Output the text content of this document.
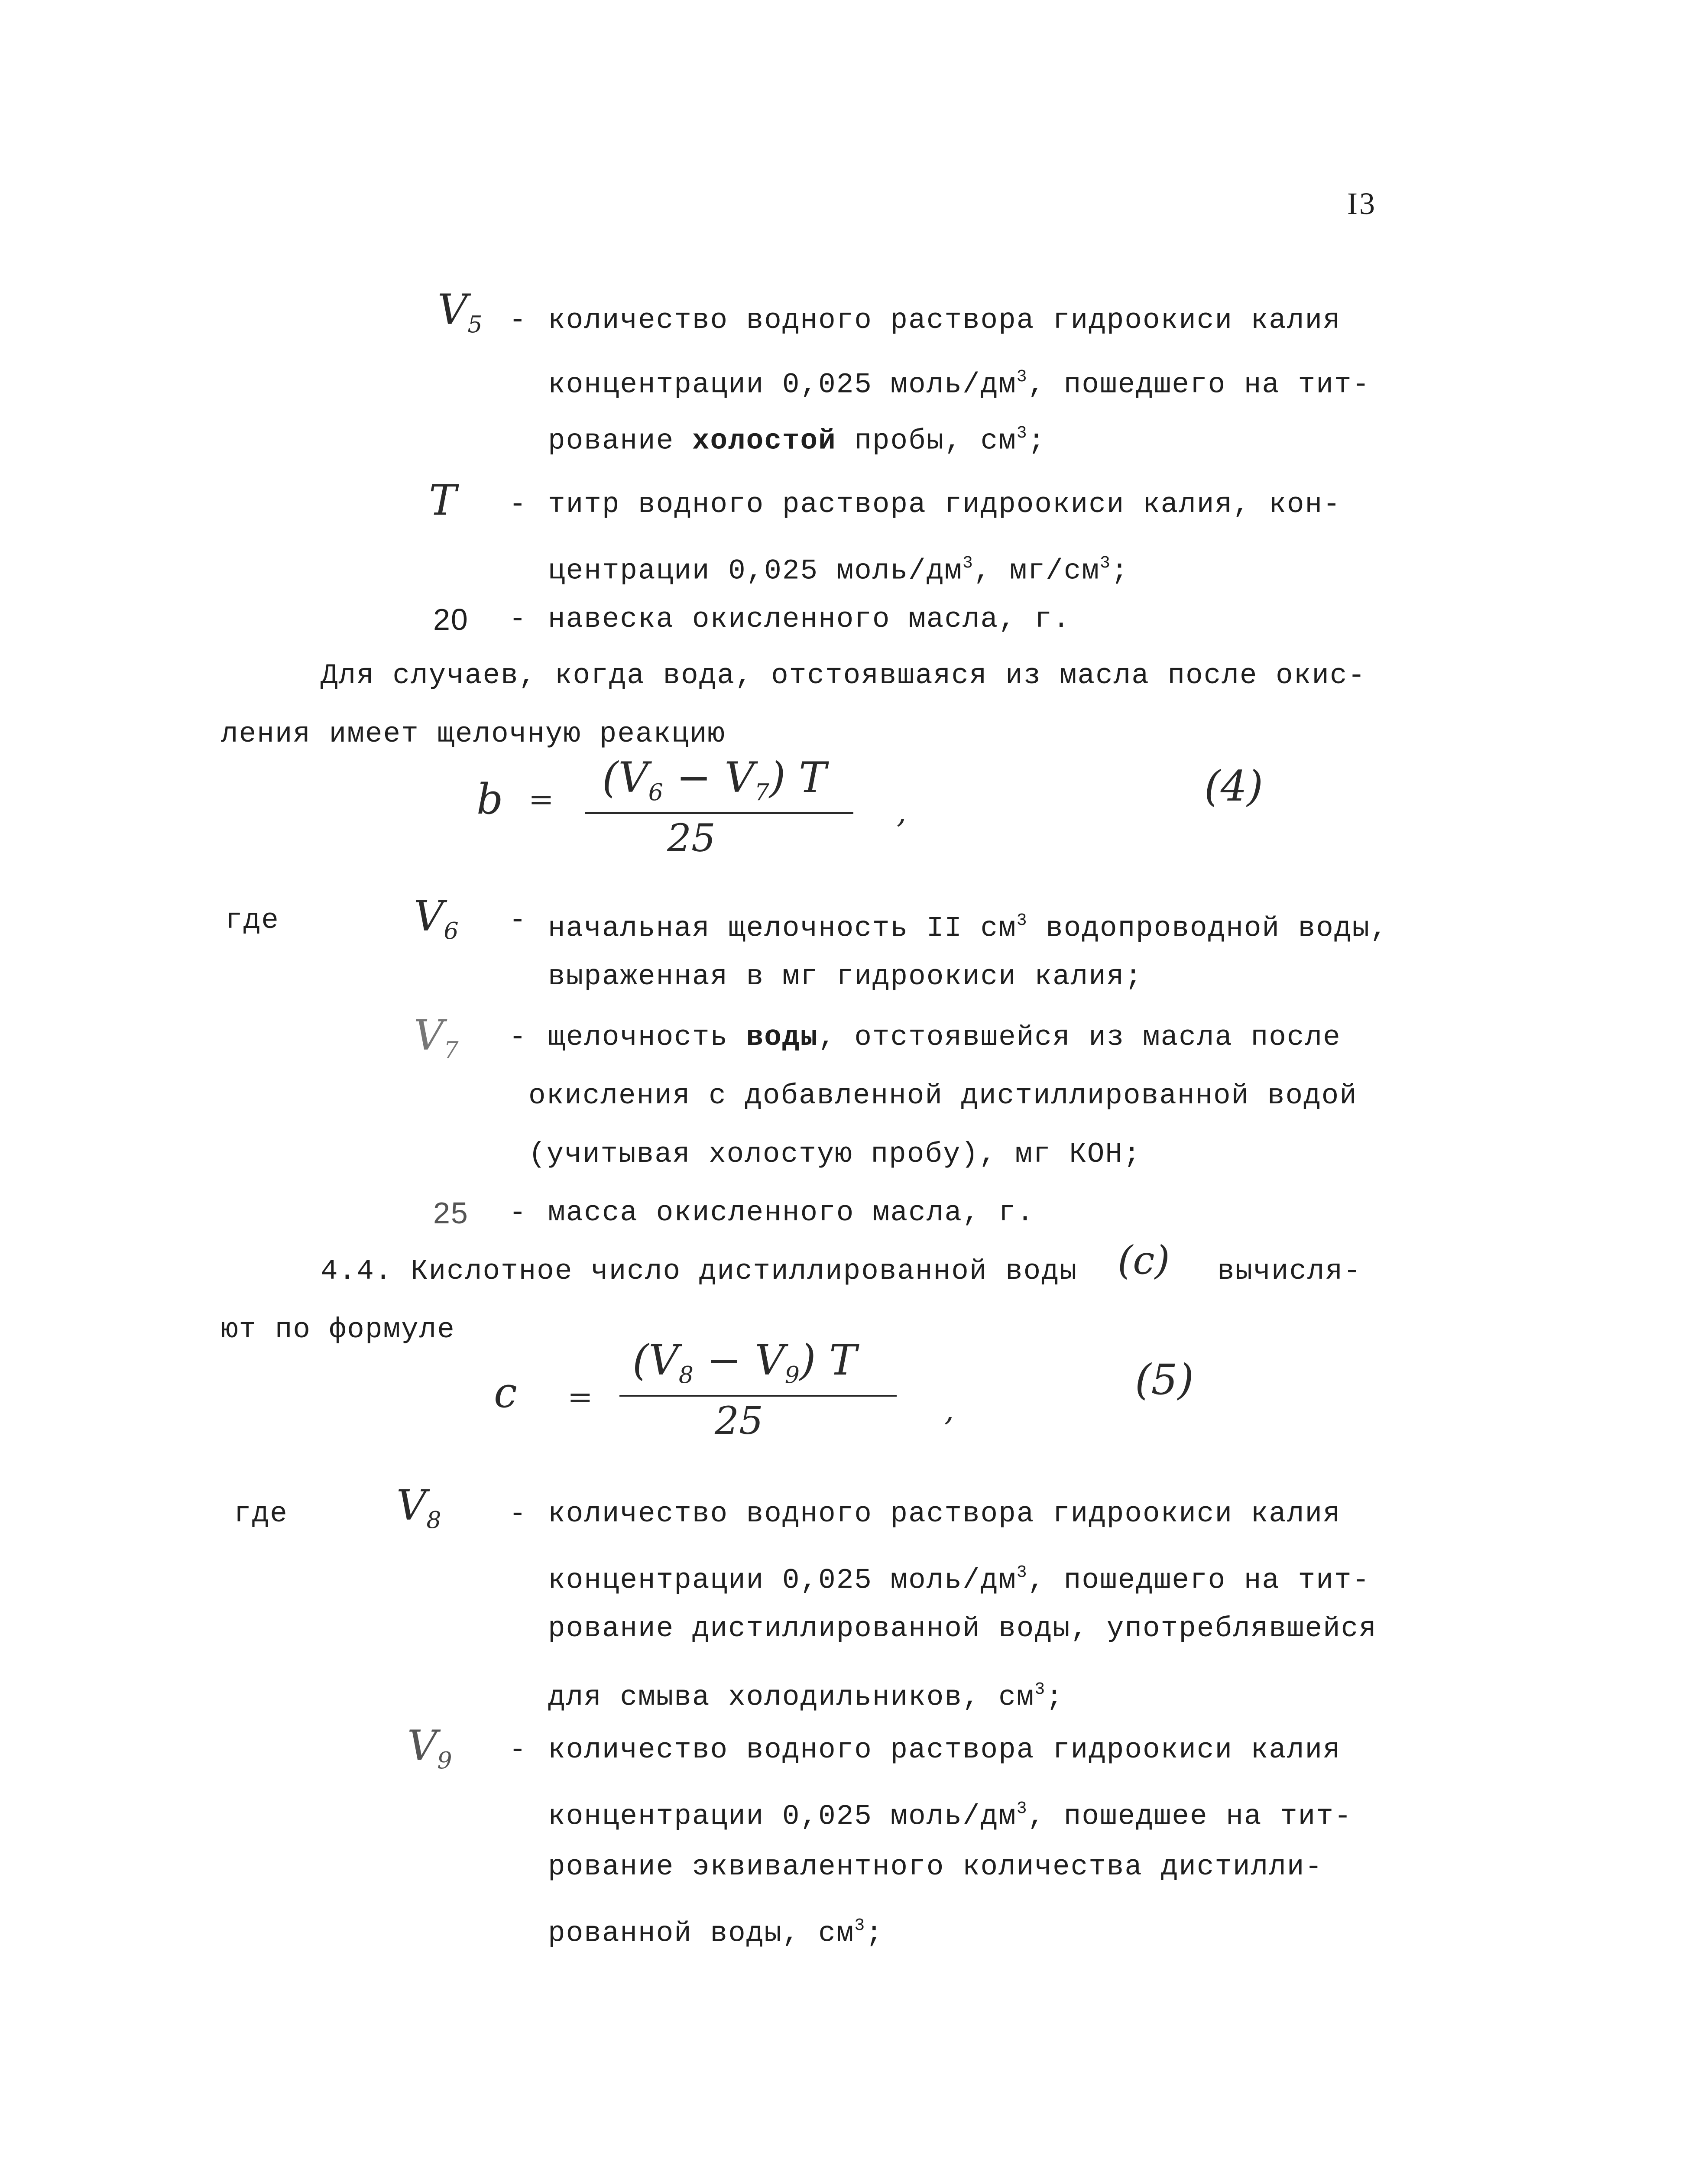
I3
$V_5$ - количество водного раствора гидроокиси калия
концентрации 0,025 моль/$дм^3$, пошедшего на тит-
рование холостой пробы, $см^3$;
T - титр водного раствора гидроокиси калия, кон-
центрации 0,025 моль/$дм^3$, $мг/см^3$;
20 - навеска окисленного масла, г.
Для случаев, когда вода, отстоявшаяся из масла после окис-
ления имеет щелочную реакцию
$b = (V_6 - V_7)$ T
25
,
(4)
где	$V_6$ - начальная щелочность II $см^3$ водопроводной воды,
выраженная в мг гидроокиси калия;
$V_7$ - щелочность воды, отстоявшейся из масла после
окисления с добавленной дистиллированной водой
(учитывая холостую пробу), мг КОН;
25 - масса окисленного масла, г.
4.4. Кислотное число дистиллированной воды (c) вычисля-
ют по формуле
c =
$(V_8 - V_9)$ T
25	,
(5)
где	$V_8$ - количество водного раствора гидроокиси калия
концентрации 0,025 моль/$дм^3$, пошедшего на тит-
рование дистиллированной воды, употреблявшейся
для смыва холодильников, $см^3$;
$V_9$ - количество водного раствора гидроокиси калия
концентрации 0,025 моль/$дм^3$, пошедшее на тит-
рование эквивалентного количества дистилли-
рованной воды, $см^3$;
